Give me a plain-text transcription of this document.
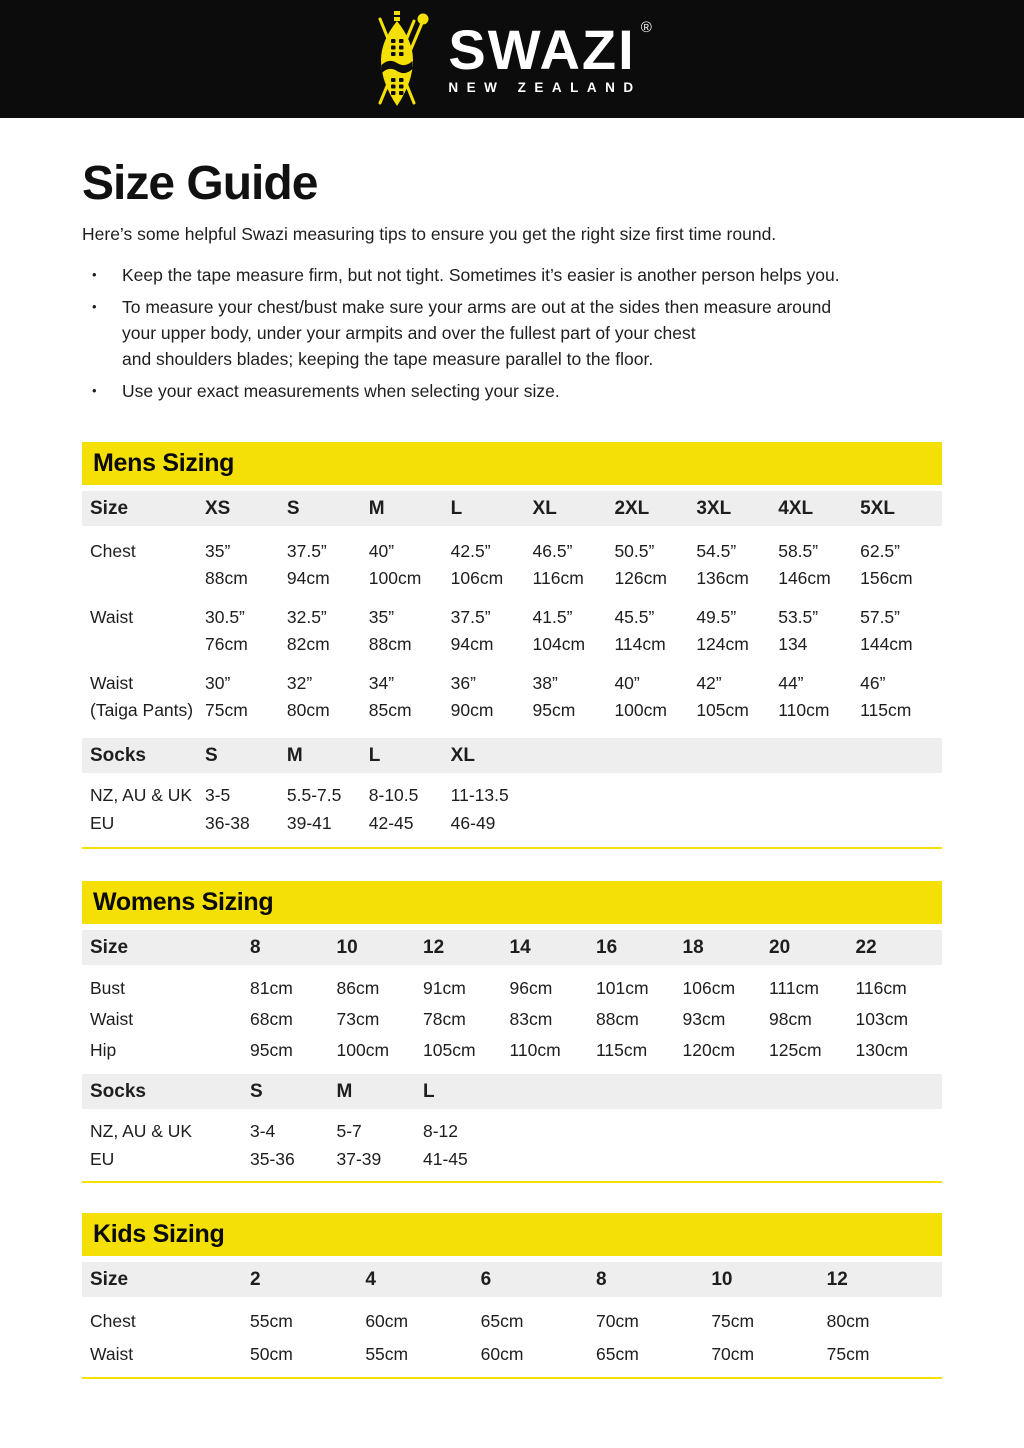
SWAZI ®
NEW ZEALAND
Size Guide

Here’s some helpful Swazi measuring tips to ensure you get the right size first time round.

•	Keep the tape measure firm, but not tight. Sometimes it’s easier is another person helps you.
•	To measure your chest/bust make sure your arms are out at the sides then measure around
your upper body, under your armpits and over the fullest part of your chest
and shoulders blades; keeping the tape measure parallel to the floor.
•	Use your exact measurements when selecting your size.
Mens Sizing
Size	XS	S	M	L	XL	2XL	3XL	4XL	5XL
Chest	35”	37.5”	40”	42.5”	46.5”	50.5”	54.5”	58.5”	62.5”
88cm	94cm	100cm	106cm	116cm	126cm	136cm	146cm	156cm
Waist	30.5”	32.5”	35”	37.5”	41.5”	45.5”	49.5”	53.5”	57.5”
76cm	82cm	88cm	94cm	104cm	114cm	124cm	134	144cm
Waist	30”	32”	34”	36”	38”	40”	42”	44”	46”
(Taiga Pants) 75cm	80cm	85cm	90cm	95cm	100cm	105cm	110cm	115cm
Socks	S	M	L	XL
NZ, AU & UK 3-5	5.5-7.5	8-10.5	11-13.5
EU	36-38	39-41	42-45	46-49
Womens Sizing
Size	8	10	12	14	16	18	20	22
Bust	81cm	86cm	91cm	96cm	101cm	106cm	111cm	116cm
Waist	68cm	73cm	78cm	83cm	88cm	93cm	98cm	103cm
Hip	95cm	100cm	105cm	110cm	115cm	120cm	125cm	130cm
Socks	S	M	L
NZ, AU & UK	3-4	5-7	8-12
EU	35-36	37-39	41-45
Kids Sizing
Size	2	4	6	8	10	12
Chest	55cm	60cm	65cm	70cm	75cm	80cm
Waist	50cm	55cm	60cm	65cm	70cm	75cm
